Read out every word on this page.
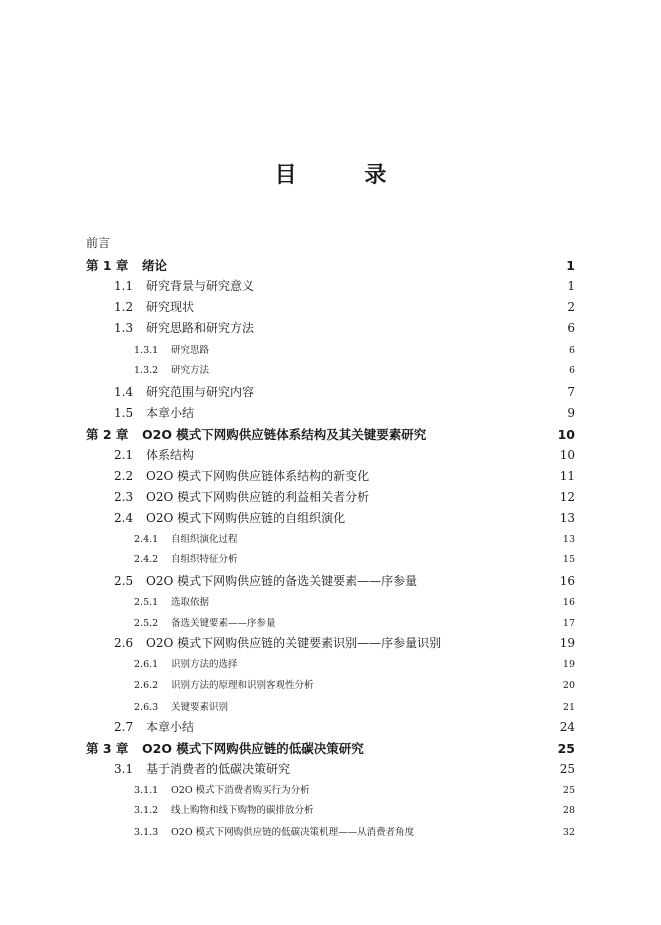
目 录
前言
第 1 章	绪论	1
1.1	研究背景与研究意义	1
1.2	研究现状	2
1.3	研究思路和研究方法	6
1.3.1	研究思路	6
1.3.2	研究方法	6
1.4	研究范围与研究内容	7
1.5	本章小结	9
第 2 章	O2O 模式下网购供应链体系结构及其关键要素研究	10
2.1	体系结构	10
2.2	O2O 模式下网购供应链体系结构的新变化	11
2.3	O2O 模式下网购供应链的利益相关者分析	12
2.4	O2O 模式下网购供应链的自组织演化	13
2.4.1	自组织演化过程	13
2.4.2	自组织特征分析	15
2.5	O2O 模式下网购供应链的备选关键要素——序参量	16
2.5.1	选取依据	16
2.5.2	备选关键要素——序参量	17
2.6	O2O 模式下网购供应链的关键要素识别——序参量识别	19
2.6.1	识别方法的选择	19
2.6.2	识别方法的原理和识别客观性分析	20
2.6.3	关键要素识别	21
2.7	本章小结	24
第 3 章	O2O 模式下网购供应链的低碳决策研究	25
3.1	基于消费者的低碳决策研究	25
3.1.1	O2O 模式下消费者购买行为分析	25
3.1.2	线上购物和线下购物的碳排放分析	28
3.1.3	O2O 模式下网购供应链的低碳决策机理——从消费者角度	32
